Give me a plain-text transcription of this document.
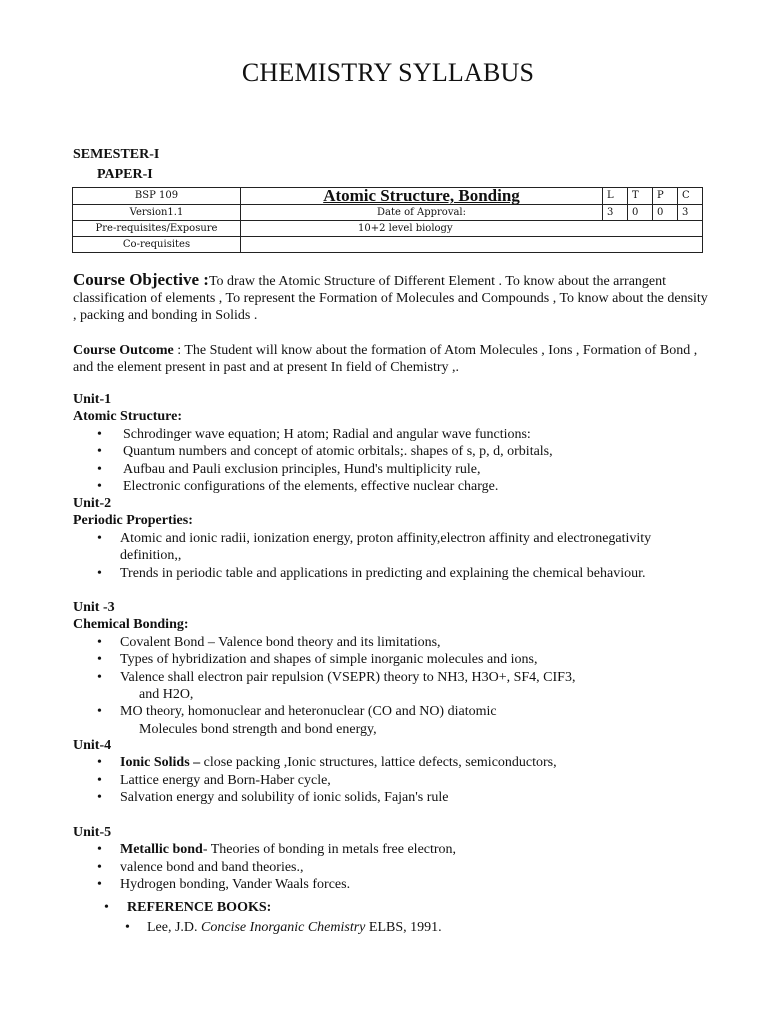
CHEMISTRY SYLLABUS
SEMESTER-I
PAPER-I
BSP 109	Atomic Structure, Bonding	L	T	P	C
Version1.1	Date of Approval:	3	0	0	3
Pre-requisites/Exposure	10+2 level biology				
Co-requisites					
Course Objective :To draw the Atomic Structure of Different Element . To know about the arrangent classification of elements , To represent the Formation of Molecules and Compounds , To know about the density , packing and bonding in Solids .
Course Outcome : The Student will know about the formation of Atom Molecules , Ions , Formation of Bond , and the element present in past and at present In field of Chemistry ,.
Unit-1
Atomic Structure:
• Schrodinger wave equation; H atom; Radial and angular wave functions:
• Quantum numbers and concept of atomic orbitals;. shapes of s, p, d, orbitals,
• Aufbau and Pauli exclusion principles, Hund's multiplicity rule,
• Electronic configurations of the elements, effective nuclear charge.
Unit-2
Periodic Properties:
• Atomic and ionic radii, ionization energy, proton affinity,electron affinity and electronegativity definition,,
• Trends in periodic table and applications in predicting and explaining the chemical behaviour.
Unit -3
Chemical Bonding:
• Covalent Bond – Valence bond theory and its limitations,
• Types of hybridization and shapes of simple inorganic molecules and ions,
• Valence shall electron pair repulsion (VSEPR) theory to NH3, H3O+, SF4, CIF3,
and H2O,
• MO theory, homonuclear and heteronuclear (CO and NO) diatomic
Molecules bond strength and bond energy,
Unit-4
• Ionic Solids – close packing ,Ionic structures, lattice defects, semiconductors,
• Lattice energy and Born-Haber cycle,
• Salvation energy and solubility of ionic solids, Fajan's rule
Unit-5
• Metallic bond- Theories of bonding in metals free electron,
• valence bond and band theories.,
• Hydrogen bonding, Vander Waals forces.
• REFERENCE BOOKS:
• Lee, J.D. Concise Inorganic Chemistry ELBS, 1991.
